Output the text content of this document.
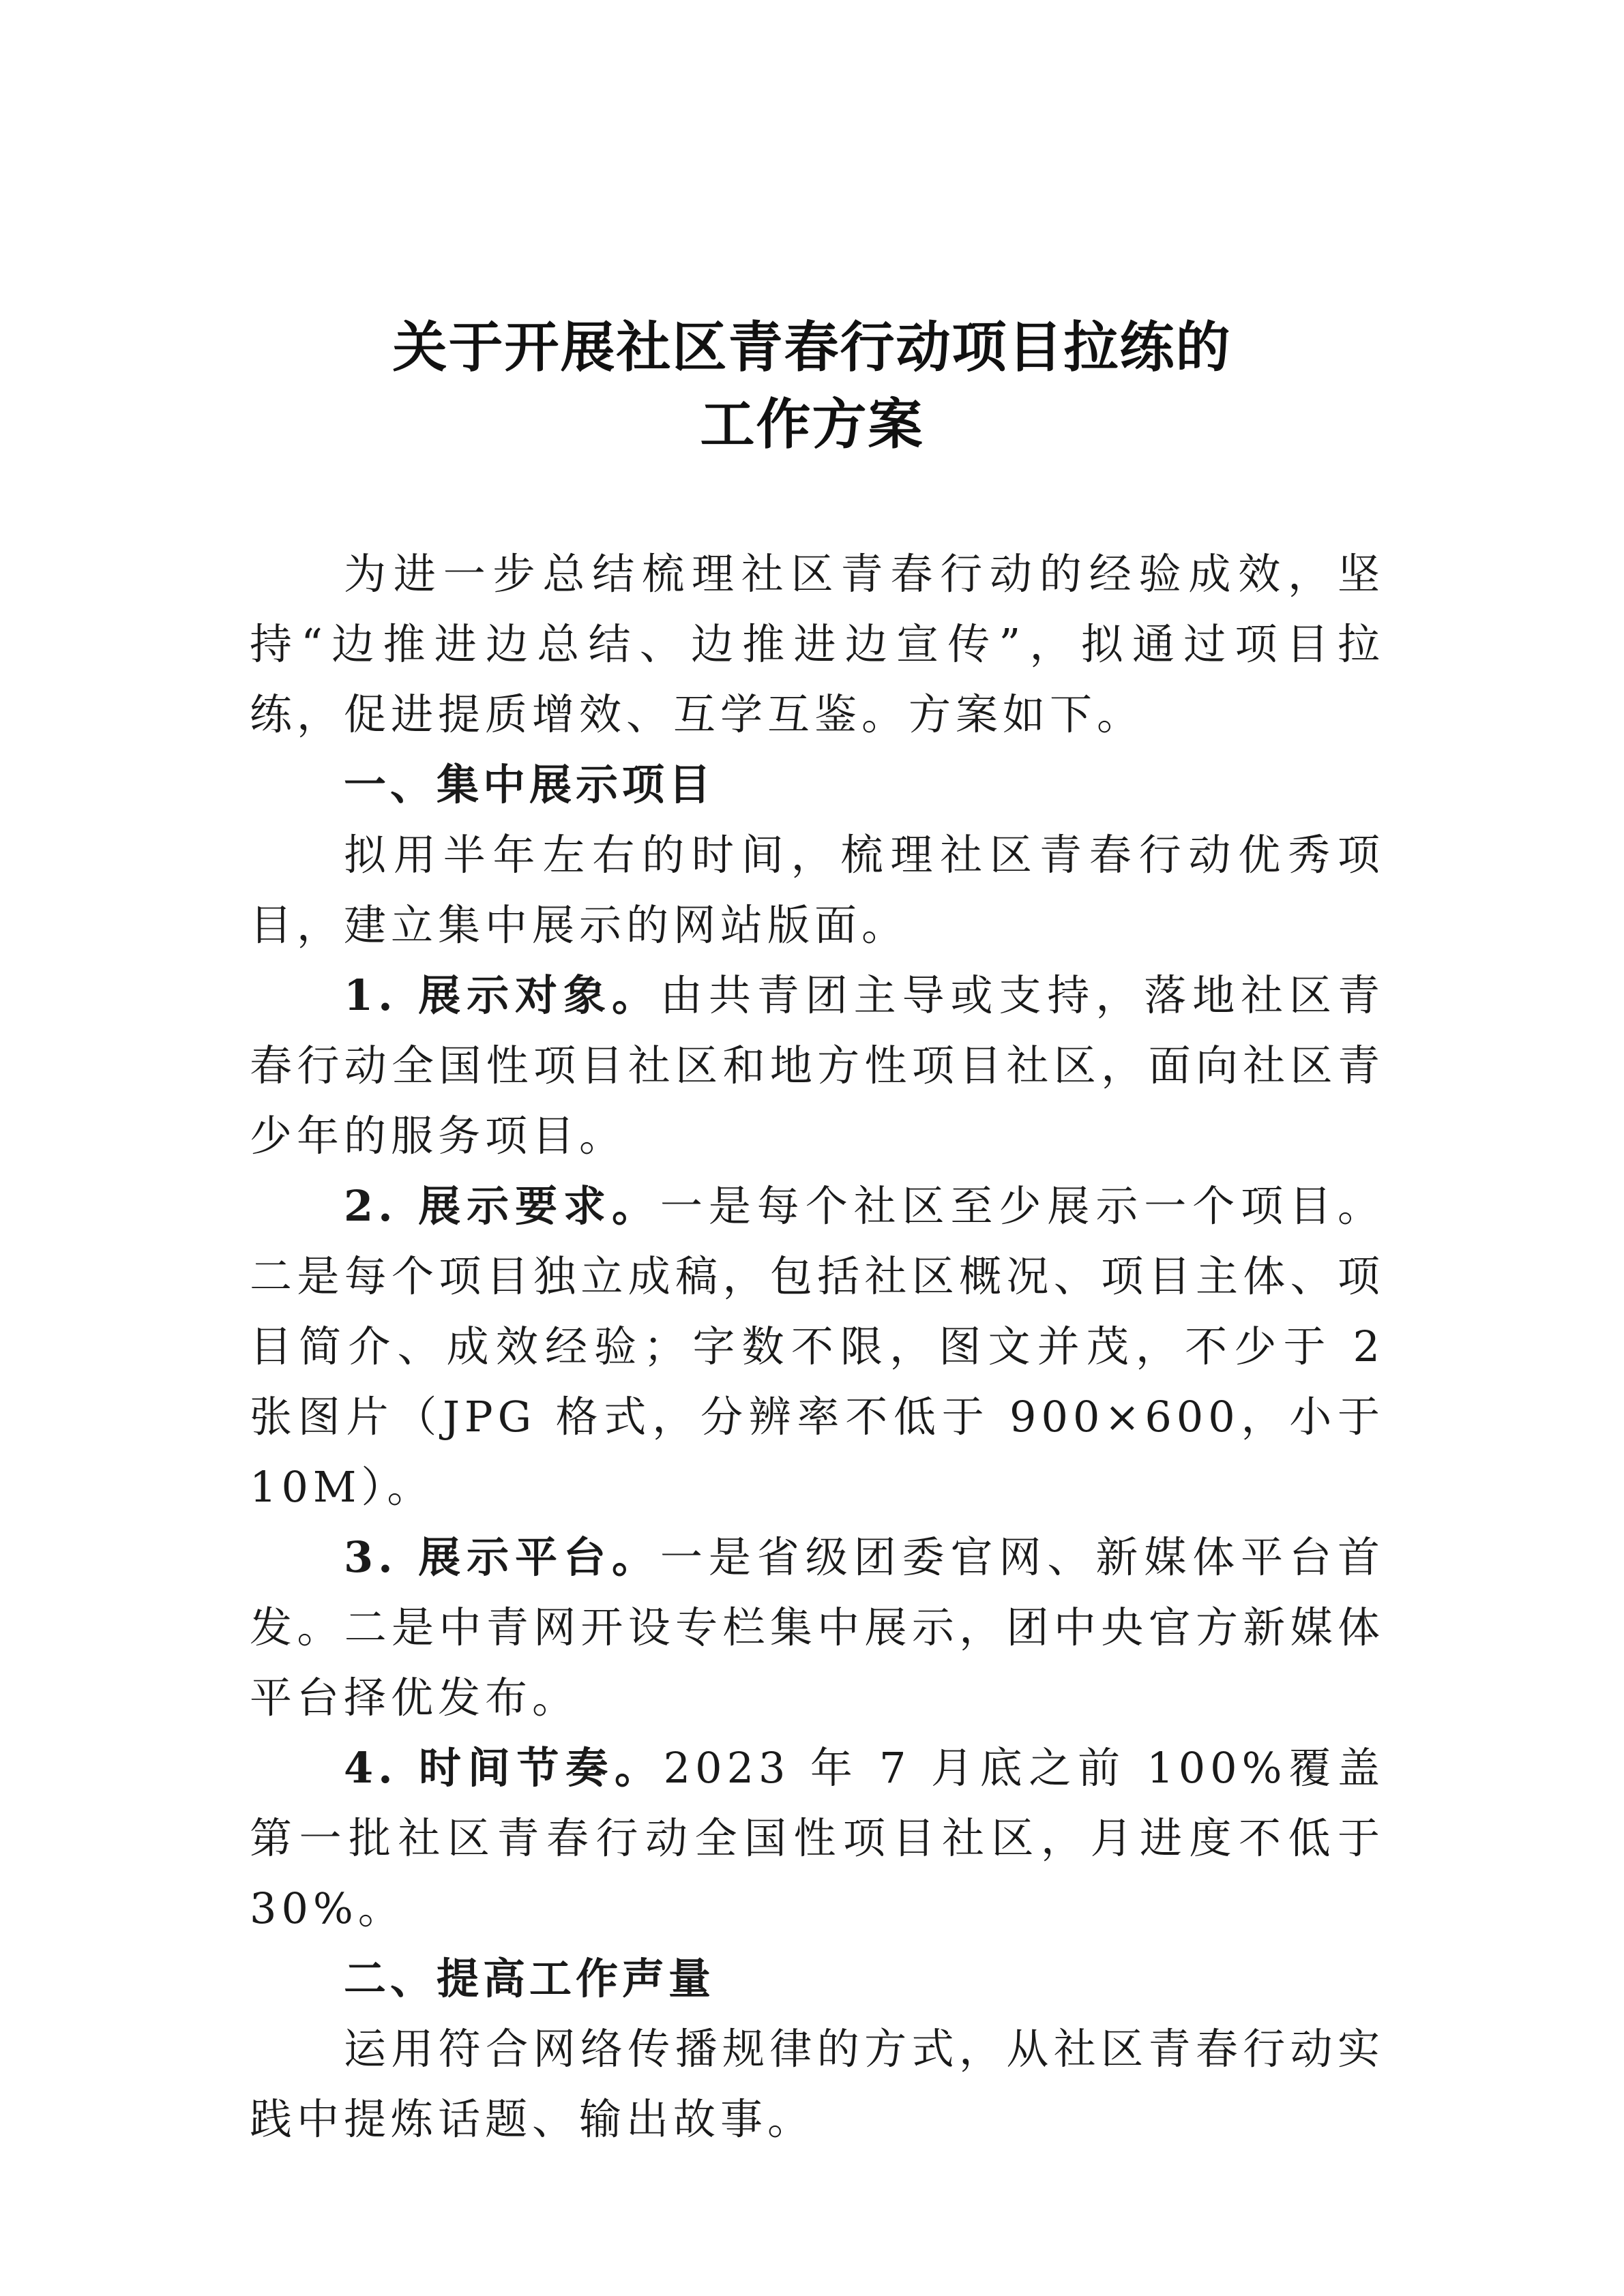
关于开展社区青春行动项目拉练的
工作方案

为进一步总结梳理社区青春行动的经验成效，坚持“边推进边总结、边推进边宣传”，拟通过项目拉练，促进提质增效、互学互鉴。方案如下。

一、集中展示项目

拟用半年左右的时间，梳理社区青春行动优秀项目，建立集中展示的网站版面。

1. 展示对象。由共青团主导或支持，落地社区青春行动全国性项目社区和地方性项目社区，面向社区青少年的服务项目。

2. 展示要求。一是每个社区至少展示一个项目。二是每个项目独立成稿，包括社区概况、项目主体、项目简介、成效经验；字数不限，图文并茂，不少于 2 张图片（JPG 格式，分辨率不低于 900×600，小于 10M）。

3. 展示平台。一是省级团委官网、新媒体平台首发。二是中青网开设专栏集中展示，团中央官方新媒体平台择优发布。

4. 时间节奏。2023 年 7 月底之前 100%覆盖第一批社区青春行动全国性项目社区，月进度不低于 30%。

二、提高工作声量

运用符合网络传播规律的方式，从社区青春行动实践中提炼话题、输出故事。
